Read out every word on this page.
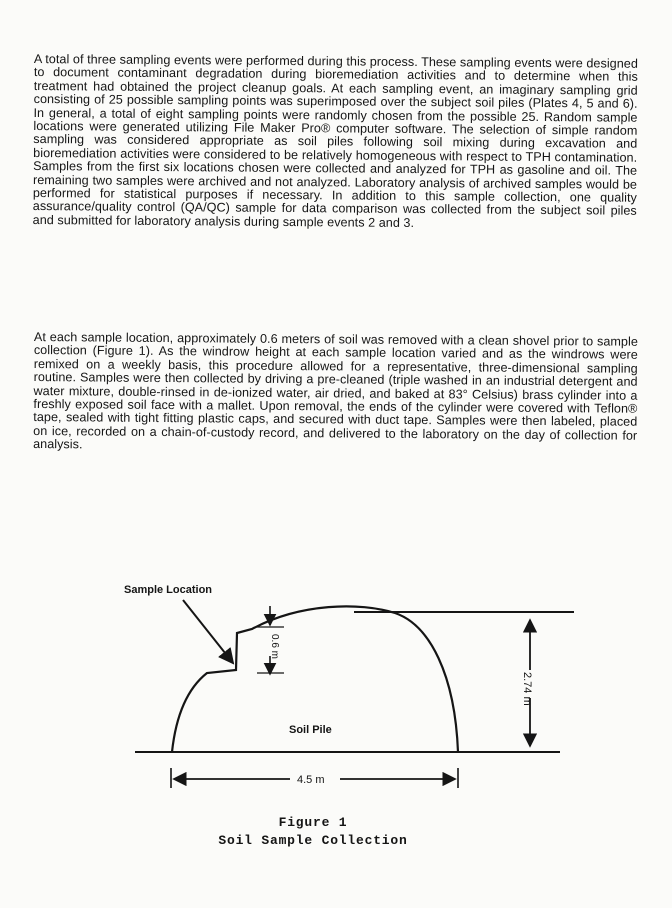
A total of three sampling events were performed during this process. These sampling events were designed to document contaminant degradation during bioremediation activities and to determine when this treatment had obtained the project cleanup goals. At each sampling event, an imaginary sampling grid consisting of 25 possible sampling points was superimposed over the subject soil piles (Plates 4, 5 and 6). In general, a total of eight sampling points were randomly chosen from the possible 25. Random sample locations were generated utilizing File Maker Pro® computer software. The selection of simple random sampling was considered appropriate as soil piles following soil mixing during excavation and bioremediation activities were considered to be relatively homogeneous with respect to TPH contamination. Samples from the first six locations chosen were collected and analyzed for TPH as gasoline and oil. The remaining two samples were archived and not analyzed. Laboratory analysis of archived samples would be performed for statistical purposes if necessary. In addition to this sample collection, one quality assurance/quality control (QA/QC) sample for data comparison was collected from the subject soil piles and submitted for laboratory analysis during sample events 2 and 3.

At each sample location, approximately 0.6 meters of soil was removed with a clean shovel prior to sample collection (Figure 1). As the windrow height at each sample location varied and as the windrows were remixed on a weekly basis, this procedure allowed for a representative, three-dimensional sampling routine. Samples were then collected by driving a pre-cleaned (triple washed in an industrial detergent and water mixture, double-rinsed in de-ionized water, air dried, and baked at 83° Celsius) brass cylinder into a freshly exposed soil face with a mallet. Upon removal, the ends of the cylinder were covered with Teflon® tape, sealed with tight fitting plastic caps, and secured with duct tape. Samples were then labeled, placed on ice, recorded on a chain-of-custody record, and delivered to the laboratory on the day of collection for analysis.

2.74 m
0.6 m
Sample Location
Soil Pile
4.5 m

Figure 1

Soil Sample Collection
